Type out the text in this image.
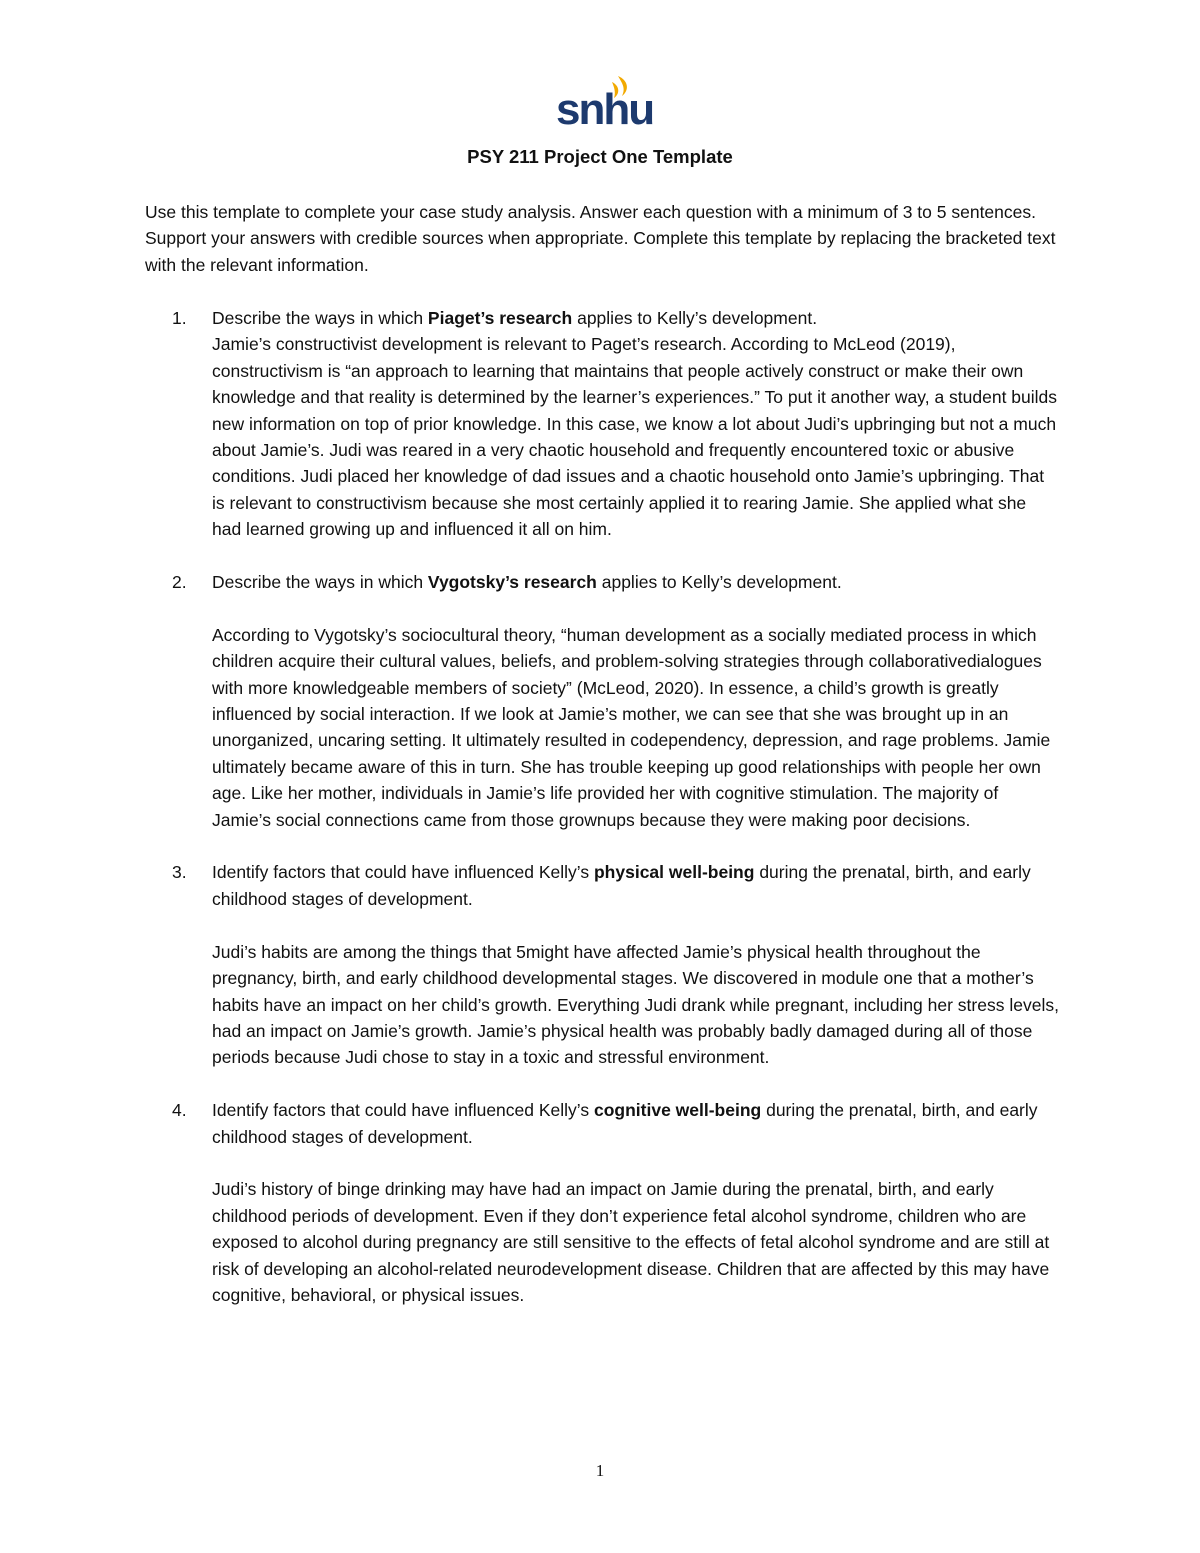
snhu
PSY 211 Project One Template
Use this template to complete your case study analysis. Answer each question with a minimum of 3 to 5 sentences. Support your answers with credible sources when appropriate. Complete this template by replacing the bracketed text with the relevant information.
1. Describe the ways in which Piaget’s research applies to Kelly’s development.

Jamie’s constructivist development is relevant to Paget’s research. According to McLeod (2019), constructivism is “an approach to learning that maintains that people actively construct or make their own knowledge and that reality is determined by the learner’s experiences.” To put it another way, a student builds new information on top of prior knowledge. In this case, we know a lot about Judi’s upbringing but not a much about Jamie’s. Judi was reared in a very chaotic household and frequently encountered toxic or abusive conditions. Judi placed her knowledge of dad issues and a chaotic household onto Jamie’s upbringing. That is relevant to constructivism because she most certainly applied it to rearing Jamie. She applied what she had learned growing up and influenced it all on him.

2. Describe the ways in which Vygotsky’s research applies to Kelly’s development.

According to Vygotsky’s sociocultural theory, “human development as a socially mediated process in which children acquire their cultural values, beliefs, and problem-solving strategies through collaborativedialogues with more knowledgeable members of society” (McLeod, 2020). In essence, a child’s growth is greatly influenced by social interaction. If we look at Jamie’s mother, we can see that she was brought up in an unorganized, uncaring setting. It ultimately resulted in codependency, depression, and rage problems. Jamie ultimately became aware of this in turn. She has trouble keeping up good relationships with people her own age. Like her mother, individuals in Jamie’s life provided her with cognitive stimulation. The majority of Jamie’s social connections came from those grownups because they were making poor decisions.

3. Identify factors that could have influenced Kelly’s physical well-being during the prenatal, birth, and early childhood stages of development.

Judi’s habits are among the things that 5might have affected Jamie’s physical health throughout the pregnancy, birth, and early childhood developmental stages. We discovered in module one that a mother’s habits have an impact on her child’s growth. Everything Judi drank while pregnant, including her stress levels, had an impact on Jamie’s growth. Jamie’s physical health was probably badly damaged during all of those periods because Judi chose to stay in a toxic and stressful environment.

4. Identify factors that could have influenced Kelly’s cognitive well-being during the prenatal, birth, and early childhood stages of development.

Judi’s history of binge drinking may have had an impact on Jamie during the prenatal, birth, and early childhood periods of development. Even if they don’t experience fetal alcohol syndrome, children who are exposed to alcohol during pregnancy are still sensitive to the effects of fetal alcohol syndrome and are still at risk of developing an alcohol-related neurodevelopment disease. Children that are affected by this may have cognitive, behavioral, or physical issues.

1
